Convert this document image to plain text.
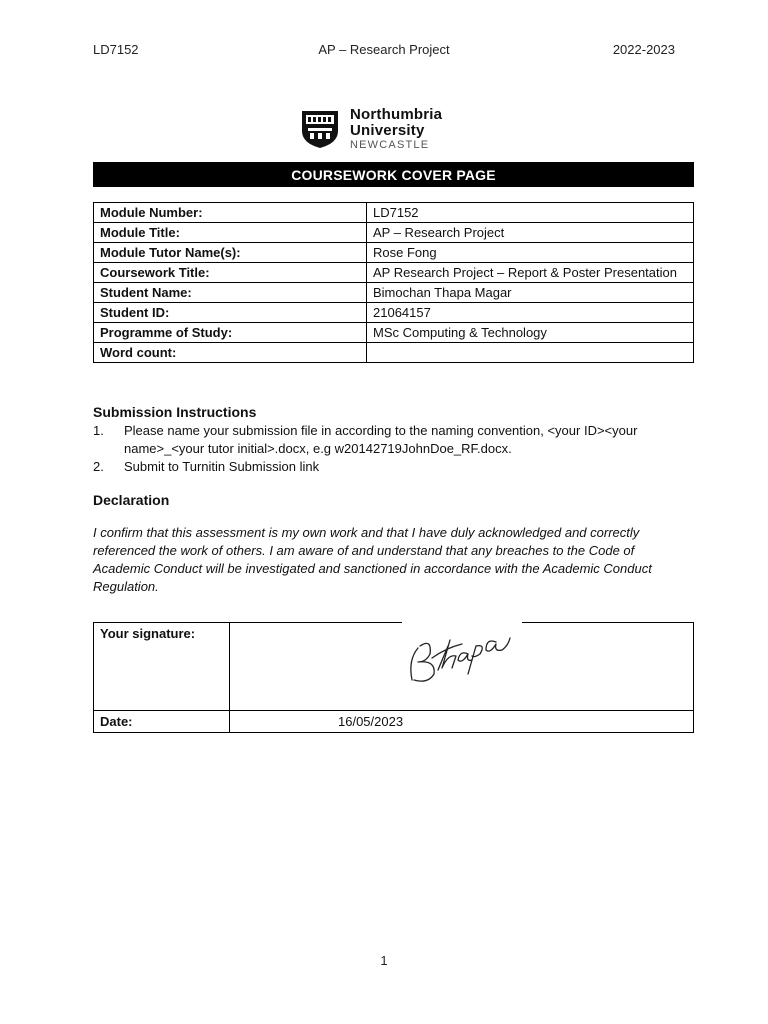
LD7152	AP – Research Project	2022-2023
Northumbria
University
NEWCASTLE
COURSEWORK COVER PAGE
Module Number:	LD7152
Module Title:	AP – Research Project
Module Tutor Name(s):	Rose Fong
Coursework Title:	AP Research Project – Report & Poster Presentation
Student Name:	Bimochan Thapa Magar
Student ID:	21064157
Programme of Study:	MSc Computing & Technology
Word count:	
Submission Instructions
1. Please name your submission file in according to the naming convention, <your ID><your name>_<your tutor initial>.docx, e.g w20142719JohnDoe_RF.docx.
2. Submit to Turnitin Submission link
Declaration

I confirm that this assessment is my own work and that I have duly acknowledged and correctly referenced the work of others. I am aware of and understand that any breaches to the Code of Academic Conduct will be investigated and sanctioned in accordance with the Academic Conduct Regulation.

Your signature:	
Date:	16/05/2023
1
